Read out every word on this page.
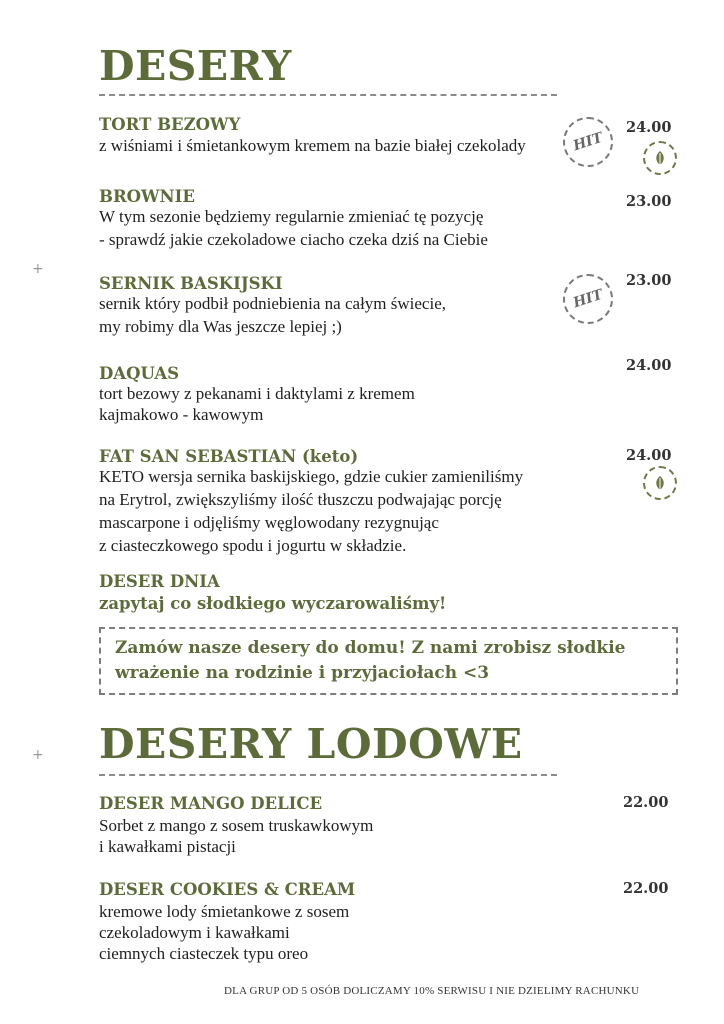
DESERY
TORT BEZOWY
z wiśniami i śmietankowym kremem na bazie białej czekolady
24.00
HIT
BROWNIE
W tym sezonie będziemy regularnie zmieniać tę pozycję
- sprawdź jakie czekoladowe ciacho czeka dziś na Ciebie
23.00
+
SERNIK BASKIJSKI
sernik który podbił podniebienia na całym świecie,
my robimy dla Was jeszcze lepiej ;)
23.00
HIT
DAQUAS
tort bezowy z pekanami i daktylami z kremem
kajmakowo - kawowym
24.00
FAT SAN SEBASTIAN (keto)
KETO wersja sernika baskijskiego, gdzie cukier zamieniliśmy
na Erytrol, zwiększyliśmy ilość tłuszczu podwajając porcję
mascarpone i odjęliśmy węglowodany rezygnując
z ciasteczkowego spodu i jogurtu w składzie.
24.00
DESER DNIA
zapytaj co słodkiego wyczarowaliśmy!
Zamów nasze desery do domu! Z nami zrobisz słodkie
wrażenie na rodzinie i przyjaciołach <3
DESERY LODOWE
+
DESER MANGO DELICE
Sorbet z mango z sosem truskawkowym
i kawałkami pistacji
22.00
DESER COOKIES & CREAM
kremowe lody śmietankowe z sosem
czekoladowym i kawałkami
ciemnych ciasteczek typu oreo
22.00
DLA GRUP OD 5 OSÓB DOLICZAMY 10% SERWISU I NIE DZIELIMY RACHUNKU
